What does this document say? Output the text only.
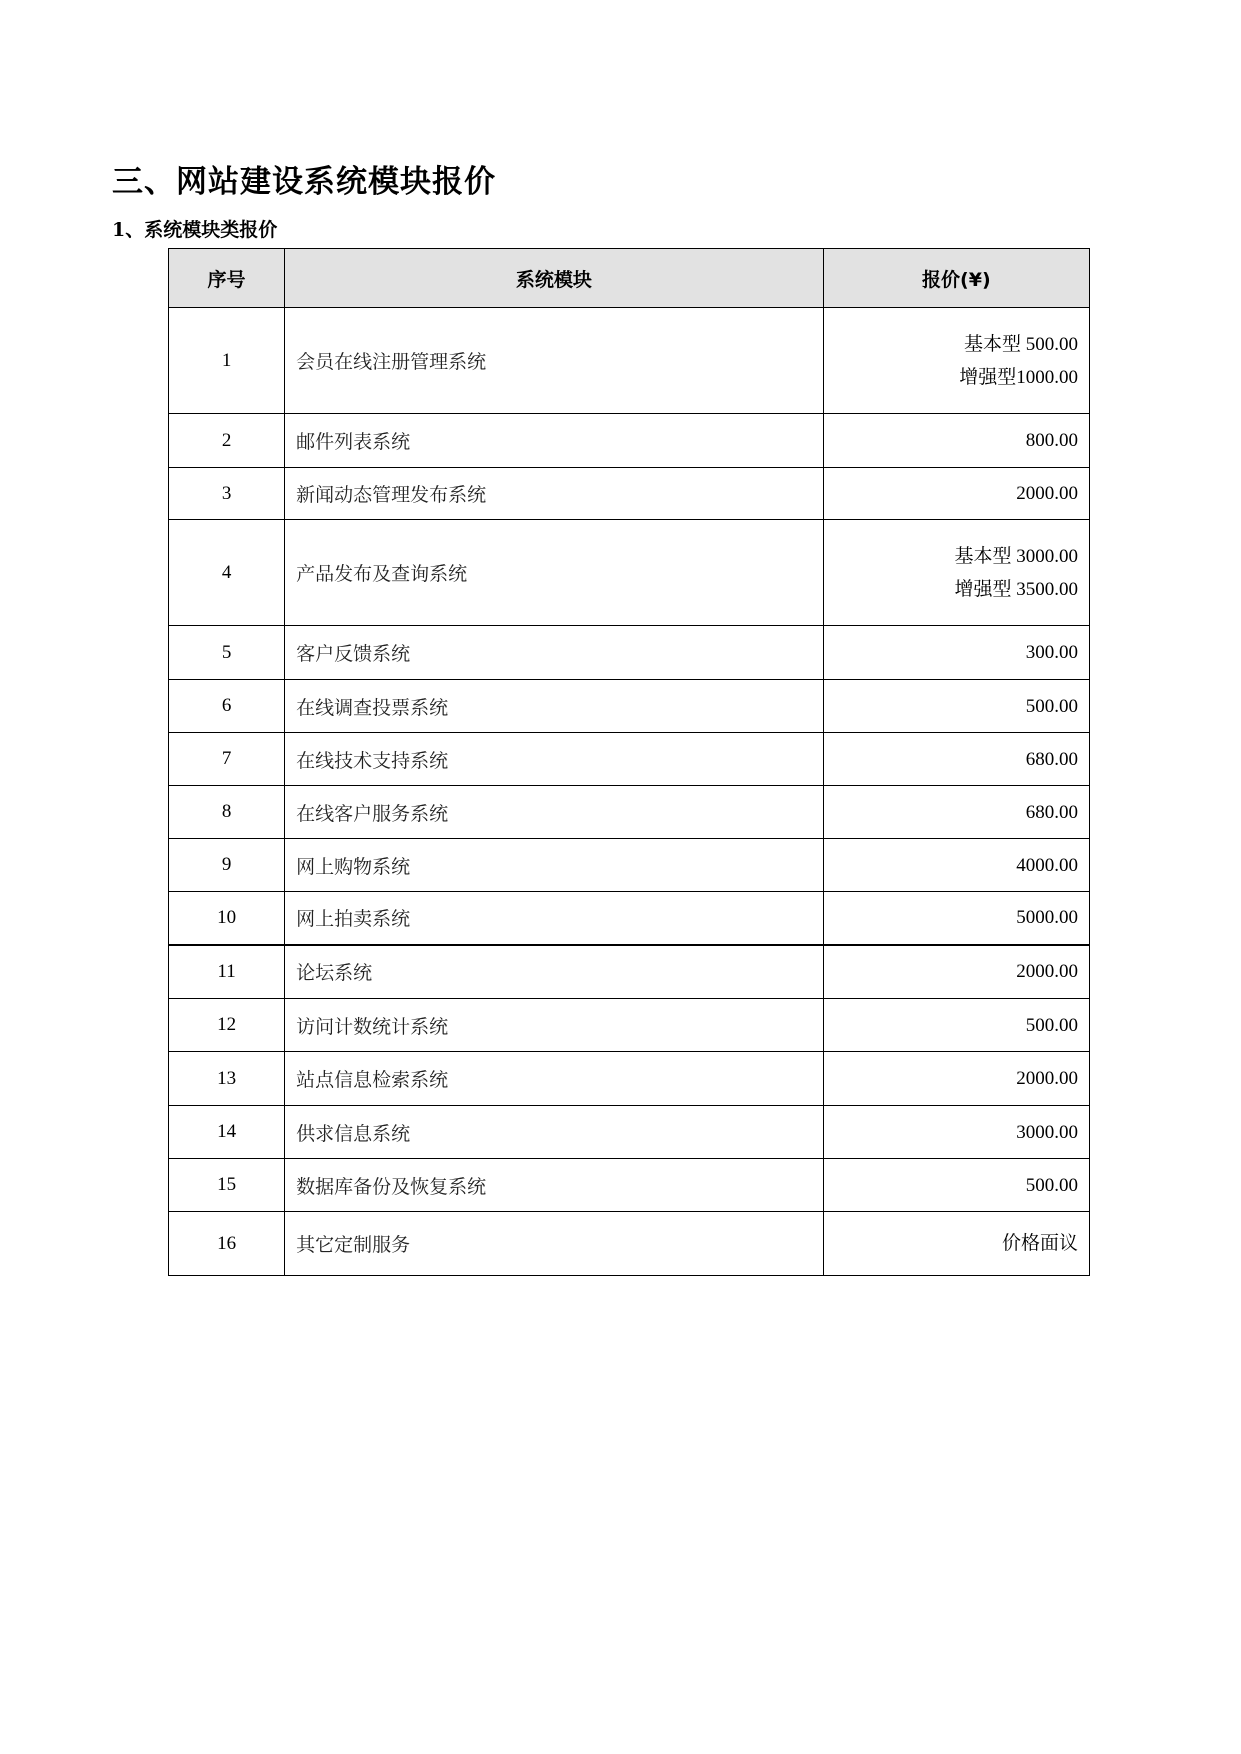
三、网站建设系统模块报价
1、系统模块类报价
序号	系统模块	报价(¥)
1	会员在线注册管理系统	基本型 500.00
增强型1000.00

2	邮件列表系统	800.00
3	新闻动态管理发布系统	2000.00
4	产品发布及查询系统	基本型 3000.00
增强型 3500.00

5	客户反馈系统	300.00
6	在线调查投票系统	500.00
7	在线技术支持系统	680.00
8	在线客户服务系统	680.00
9	网上购物系统	4000.00
10	网上拍卖系统	5000.00
11	论坛系统	2000.00
12	访问计数统计系统	500.00
13	站点信息检索系统	2000.00
14	供求信息系统	3000.00
15	数据库备份及恢复系统	500.00
16	其它定制服务	价格面议
